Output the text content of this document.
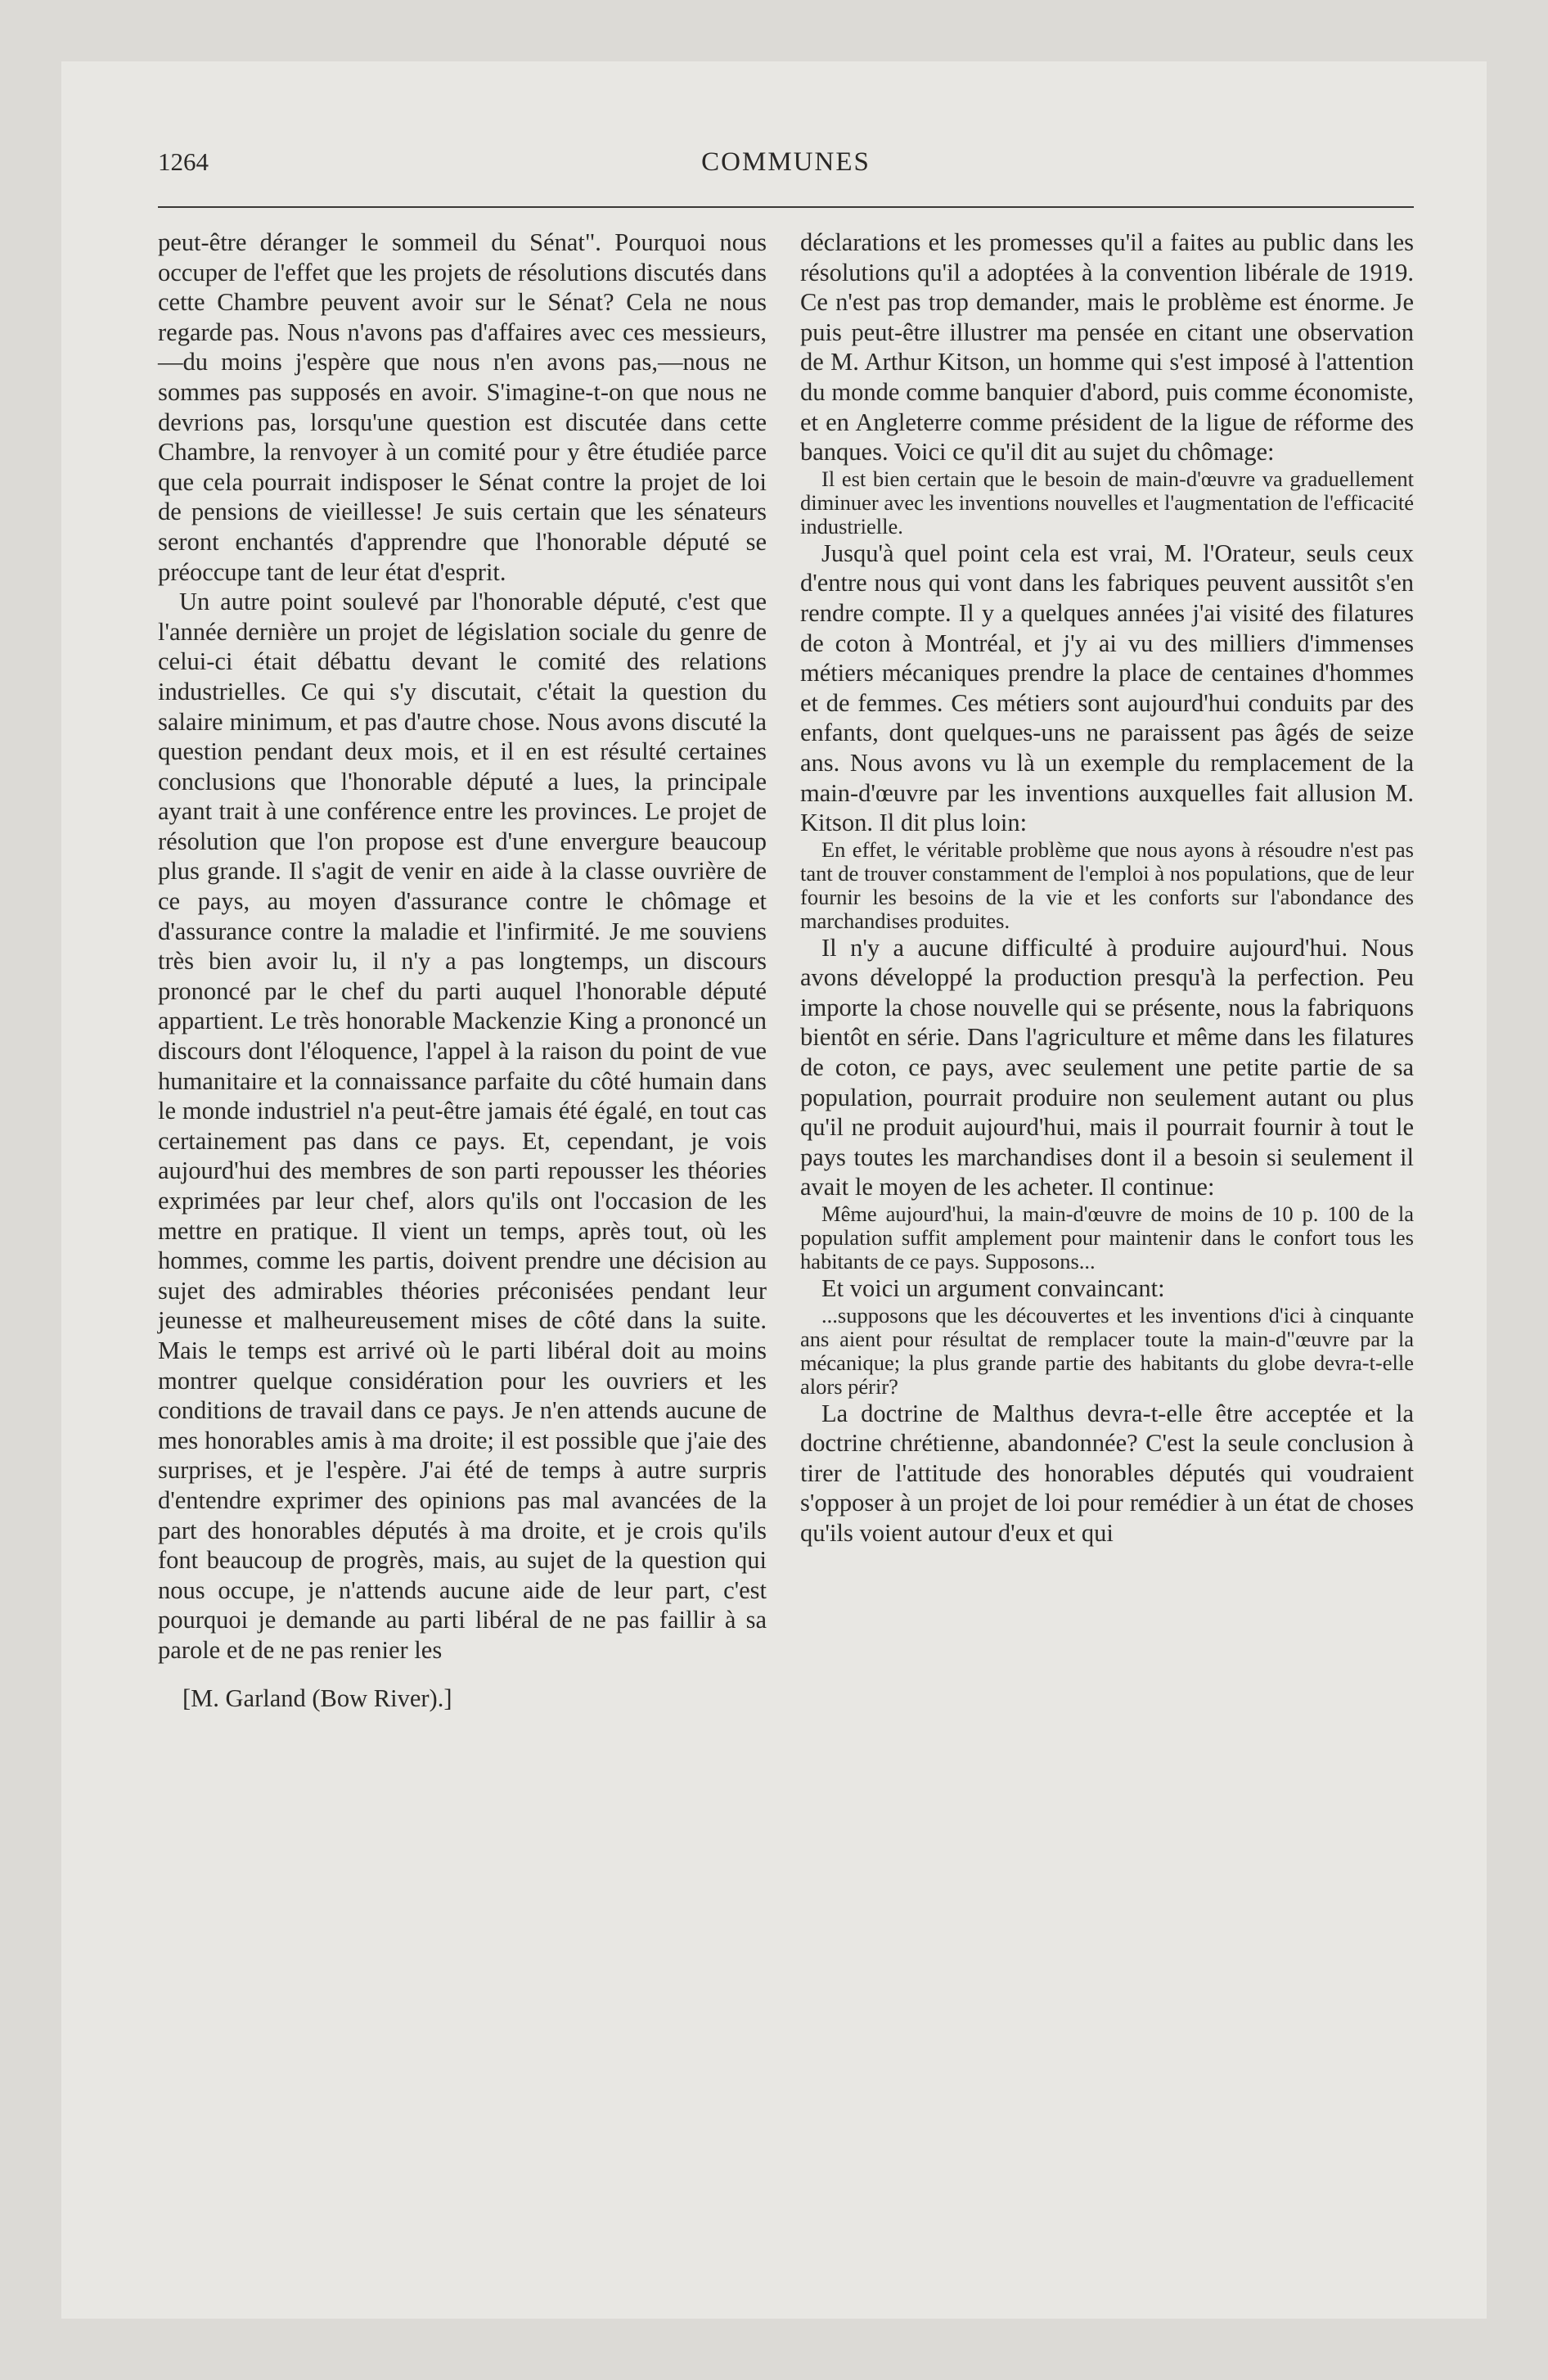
1264	COMMUNES

peut-être déranger le sommeil du Sénat". Pourquoi nous occuper de l'effet que les projets de résolutions discutés dans cette Chambre peuvent avoir sur le Sénat? Cela ne nous regarde pas. Nous n'avons pas d'affaires avec ces messieurs,—du moins j'espère que nous n'en avons pas,—nous ne sommes pas supposés en avoir. S'imagine-t-on que nous ne devrions pas, lorsqu'une question est discutée dans cette Chambre, la renvoyer à un comité pour y être étudiée parce que cela pourrait indisposer le Sénat contre la projet de loi de pensions de vieillesse! Je suis certain que les sénateurs seront enchantés d'apprendre que l'honorable député se préoccupe tant de leur état d'esprit.

Un autre point soulevé par l'honorable député, c'est que l'année dernière un projet de législation sociale du genre de celui-ci était débattu devant le comité des relations industrielles. Ce qui s'y discutait, c'était la question du salaire minimum, et pas d'autre chose. Nous avons discuté la question pendant deux mois, et il en est résulté certaines conclusions que l'honorable député a lues, la principale ayant trait à une conférence entre les provinces. Le projet de résolution que l'on propose est d'une envergure beaucoup plus grande. Il s'agit de venir en aide à la classe ouvrière de ce pays, au moyen d'assurance contre le chômage et d'assurance contre la maladie et l'infirmité. Je me souviens très bien avoir lu, il n'y a pas longtemps, un discours prononcé par le chef du parti auquel l'honorable député appartient. Le très honorable Mackenzie King a prononcé un discours dont l'éloquence, l'appel à la raison du point de vue humanitaire et la connaissance parfaite du côté humain dans le monde industriel n'a peut-être jamais été égalé, en tout cas certainement pas dans ce pays. Et, cependant, je vois aujourd'hui des membres de son parti repousser les théories exprimées par leur chef, alors qu'ils ont l'occasion de les mettre en pratique. Il vient un temps, après tout, où les hommes, comme les partis, doivent prendre une décision au sujet des admirables théories préconisées pendant leur jeunesse et malheureusement mises de côté dans la suite. Mais le temps est arrivé où le parti libéral doit au moins montrer quelque considération pour les ouvriers et les conditions de travail dans ce pays. Je n'en attends aucune de mes honorables amis à ma droite; il est possible que j'aie des surprises, et je l'espère. J'ai été de temps à autre surpris d'entendre exprimer des opinions pas mal avancées de la part des honorables députés à ma droite, et je crois qu'ils font beaucoup de progrès, mais, au sujet de la question qui nous occupe, je n'attends aucune aide de leur part, c'est pourquoi je demande au parti libéral de ne pas faillir à sa parole et de ne pas renier les

[M. Garland (Bow River).]

déclarations et les promesses qu'il a faites au public dans les résolutions qu'il a adoptées à la convention libérale de 1919. Ce n'est pas trop demander, mais le problème est énorme. Je puis peut-être illustrer ma pensée en citant une observation de M. Arthur Kitson, un homme qui s'est imposé à l'attention du monde comme banquier d'abord, puis comme économiste, et en Angleterre comme président de la ligue de réforme des banques. Voici ce qu'il dit au sujet du chômage:

Il est bien certain que le besoin de main-d'œuvre va graduellement diminuer avec les inventions nouvelles et l'augmentation de l'efficacité industrielle.

Jusqu'à quel point cela est vrai, M. l'Orateur, seuls ceux d'entre nous qui vont dans les fabriques peuvent aussitôt s'en rendre compte. Il y a quelques années j'ai visité des filatures de coton à Montréal, et j'y ai vu des milliers d'immenses métiers mécaniques prendre la place de centaines d'hommes et de femmes. Ces métiers sont aujourd'hui conduits par des enfants, dont quelques-uns ne paraissent pas âgés de seize ans. Nous avons vu là un exemple du remplacement de la main-d'œuvre par les inventions auxquelles fait allusion M. Kitson. Il dit plus loin:

En effet, le véritable problème que nous ayons à résoudre n'est pas tant de trouver constamment de l'emploi à nos populations, que de leur fournir les besoins de la vie et les conforts sur l'abondance des marchandises produites.

Il n'y a aucune difficulté à produire aujourd'hui. Nous avons développé la production presqu'à la perfection. Peu importe la chose nouvelle qui se présente, nous la fabriquons bientôt en série. Dans l'agriculture et même dans les filatures de coton, ce pays, avec seulement une petite partie de sa population, pourrait produire non seulement autant ou plus qu'il ne produit aujourd'hui, mais il pourrait fournir à tout le pays toutes les marchandises dont il a besoin si seulement il avait le moyen de les acheter. Il continue:

Même aujourd'hui, la main-d'œuvre de moins de 10 p. 100 de la population suffit amplement pour maintenir dans le confort tous les habitants de ce pays. Supposons...

Et voici un argument convaincant:

...supposons que les découvertes et les inventions d'ici à cinquante ans aient pour résultat de remplacer toute la main-d"œuvre par la mécanique; la plus grande partie des habitants du globe devra-t-elle alors périr?

La doctrine de Malthus devra-t-elle être acceptée et la doctrine chrétienne, abandonnée? C'est la seule conclusion à tirer de l'attitude des honorables députés qui voudraient s'opposer à un projet de loi pour remédier à un état de choses qu'ils voient autour d'eux et qui
